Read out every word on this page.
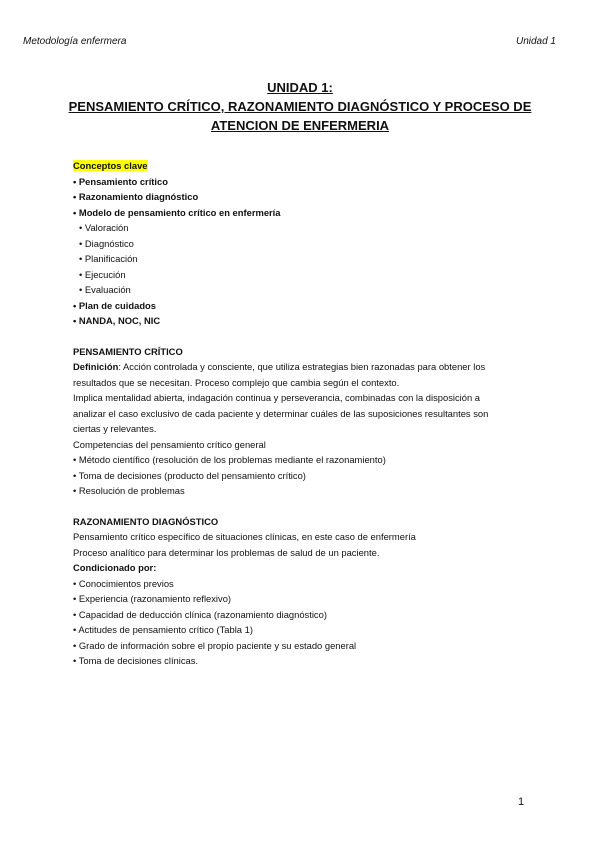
Metodología enfermera	Unidad 1
UNIDAD 1:
PENSAMIENTO CRÍTICO, RAZONAMIENTO DIAGNÓSTICO Y PROCESO DE
ATENCION DE ENFERMERIA
Conceptos clave
• Pensamiento crítico
• Razonamiento diagnóstico
• Modelo de pensamiento crítico en enfermería
• Valoración
• Diagnóstico
• Planificación
• Ejecución
• Evaluación
• Plan de cuidados
• NANDA, NOC, NIC
PENSAMIENTO CRÍTICO
Definición: Acción controlada y consciente, que utiliza estrategias bien razonadas para obtener los
resultados que se necesitan. Proceso complejo que cambia según el contexto.
Implica mentalidad abierta, indagación continua y perseverancia, combinadas con la disposición a
analizar el caso exclusivo de cada paciente y determinar cuáles de las suposiciones resultantes son
ciertas y relevantes.
Competencias del pensamiento crítico general
• Método científico (resolución de los problemas mediante el razonamiento)
• Toma de decisiones (producto del pensamiento crítico)
• Resolución de problemas
RAZONAMIENTO DIAGNÓSTICO
Pensamiento crítico específico de situaciones clínicas, en este caso de enfermería
Proceso analítico para determinar los problemas de salud de un paciente.
Condicionado por:
• Conocimientos previos
• Experiencia (razonamiento reflexivo)
• Capacidad de deducción clínica (razonamiento diagnóstico)
• Actitudes de pensamiento crítico (Tabla 1)
• Grado de información sobre el propio paciente y su estado general
• Toma de decisiones clínicas.
1
